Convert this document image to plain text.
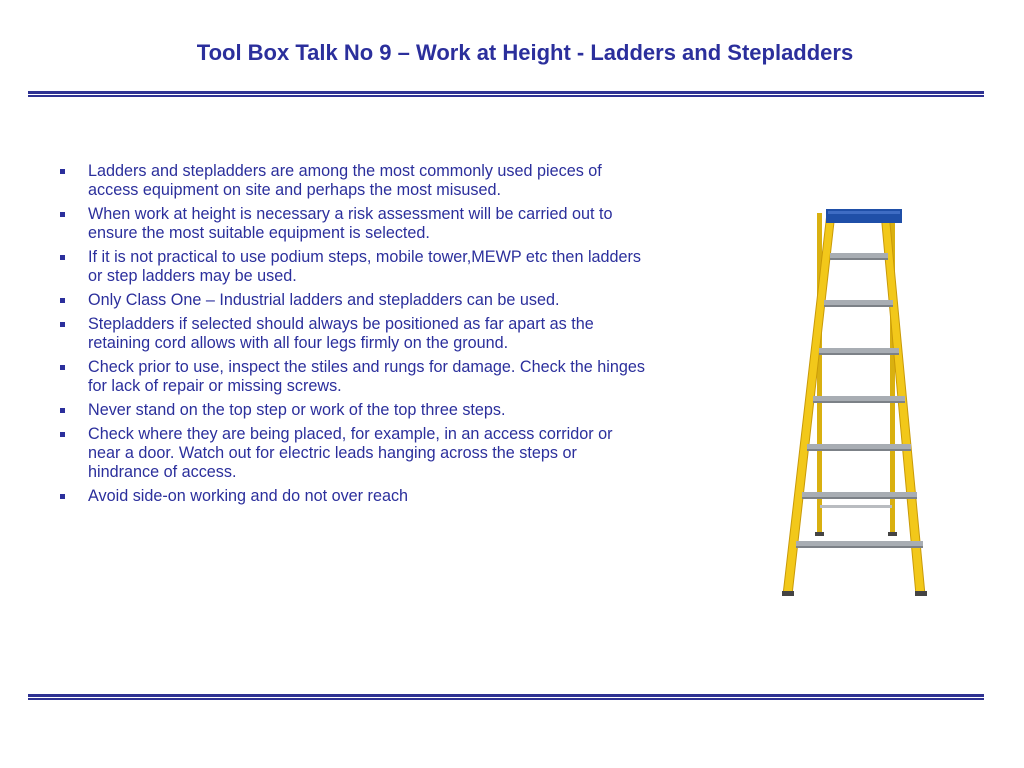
Tool Box Talk No 9 – Work at Height - Ladders and Stepladders
Ladders and stepladders are among the most commonly used pieces of access equipment on site and perhaps the most misused.
When work at height is necessary a risk assessment will be carried out to ensure the most suitable equipment is selected.
If it is not practical to use podium steps, mobile tower,MEWP etc then ladders or step ladders may be used.
Only Class One – Industrial ladders and stepladders can be used.
Stepladders if selected should always be positioned as far apart as the retaining cord allows with all four legs firmly on the ground.
Check prior to use, inspect the stiles and rungs for damage. Check the hinges for lack of repair or missing screws.
Never stand on the top step or work of the top three steps.
Check where they are being placed, for example, in an access corridor or near a door. Watch out for electric leads hanging across the steps or hindrance of access.
Avoid side-on working and do not over reach
